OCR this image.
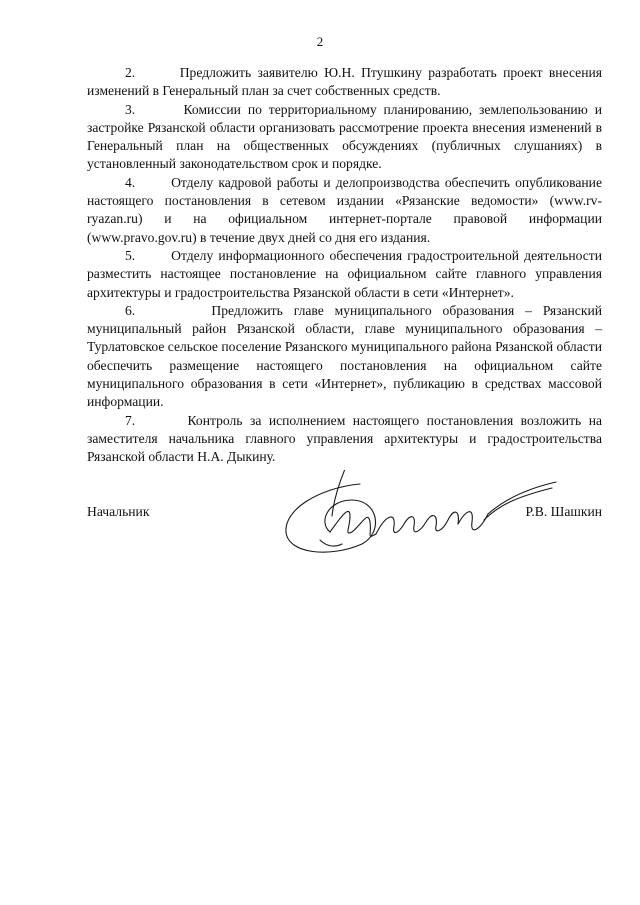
2

2.       Предложить заявителю Ю.Н. Птушкину разработать проект внесения изменений в Генеральный план за счет собственных средств.

3.       Комиссии по территориальному планированию, землепользованию и застройке Рязанской области организовать рассмотрение проекта внесения изменений в Генеральный план на общественных обсуждениях (публичных слушаниях) в установленный законодательством срок и порядке.

4.       Отделу кадровой работы и делопроизводства обеспечить опубликование настоящего постановления в сетевом издании «Рязанские ведомости» (www.rv-ryazan.ru) и на официальном интернет-портале правовой информации (www.pravo.gov.ru) в течение двух дней со дня его издания.

5.       Отделу информационного обеспечения градостроительной деятельности разместить настоящее постановление на официальном сайте главного управления архитектуры и градостроительства Рязанской области в сети «Интернет».

6.       Предложить главе муниципального образования – Рязанский муниципальный район Рязанской области, главе муниципального образования – Турлатовское сельское поселение Рязанского муниципального района Рязанской области обеспечить размещение настоящего постановления на официальном сайте муниципального образования в сети «Интернет», публикацию в средствах массовой информации.

7.       Контроль за исполнением настоящего постановления возложить на заместителя начальника главного управления архитектуры и градостроительства Рязанской области Н.А. Дыкину.

Начальник	Р.В. Шашкин
